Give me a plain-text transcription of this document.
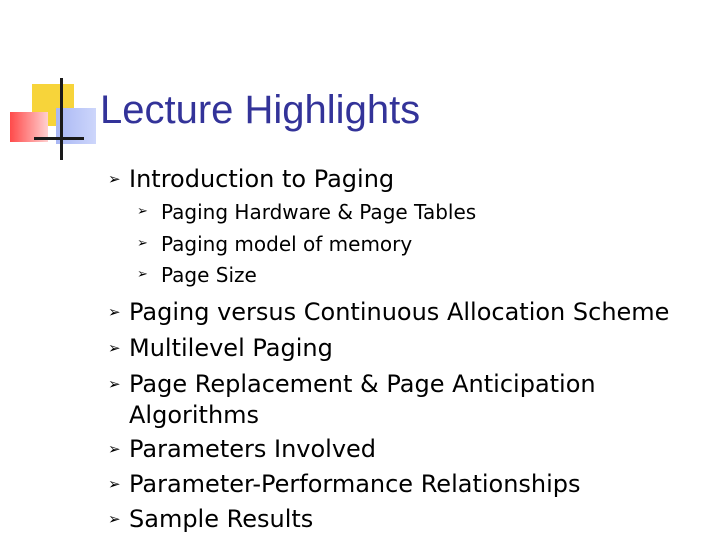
Lecture Highlights
➢ Introduction to Paging
➢ Paging Hardware & Page Tables
➢ Paging model of memory
➢ Page Size
➢ Paging versus Continuous Allocation Scheme
➢ Multilevel Paging
➢ Page Replacement & Page Anticipation
Algorithms
➢ Parameters Involved
➢ Parameter-Performance Relationships
➢ Sample Results
